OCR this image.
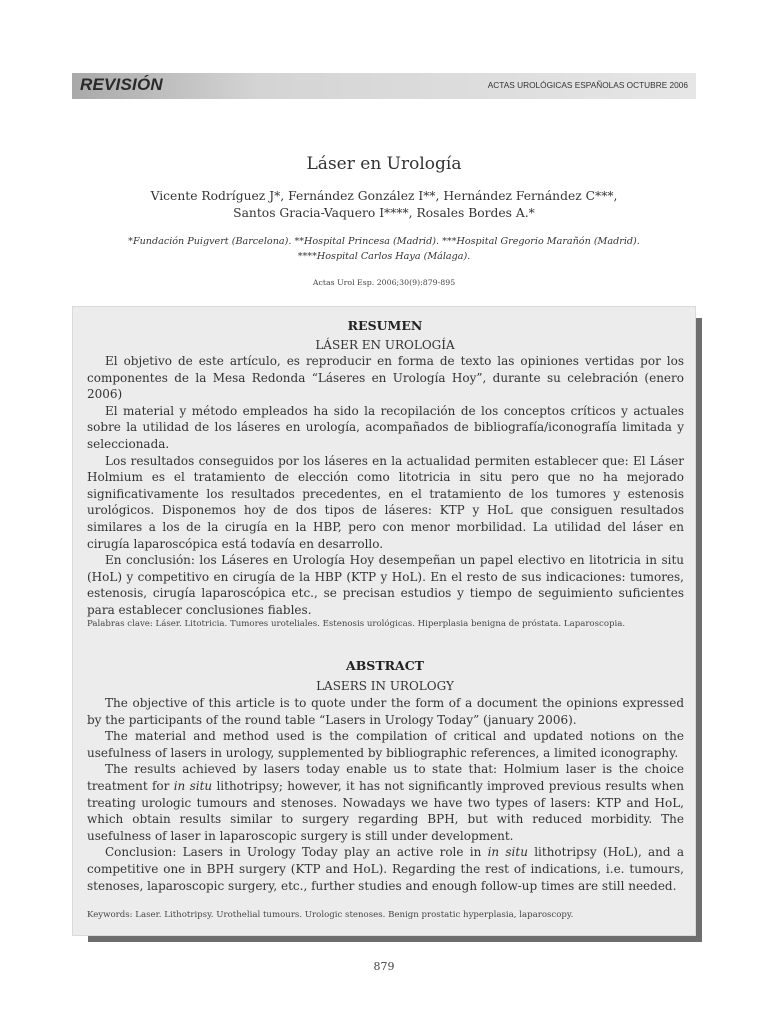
REVISIÓN	ACTAS UROLÓGICAS ESPAÑOLAS OCTUBRE 2006
Láser en Urología
Vicente Rodríguez J*, Fernández González I**, Hernández Fernández C***,
Santos Gracia-Vaquero I****, Rosales Bordes A.*
*Fundación Puigvert (Barcelona). **Hospital Princesa (Madrid). ***Hospital Gregorio Marañón (Madrid).
****Hospital Carlos Haya (Málaga).
Actas Urol Esp. 2006;30(9):879-895
RESUMEN
LÁSER EN UROLOGÍA

El objetivo de este artículo, es reproducir en forma de texto las opiniones vertidas por los componentes de la Mesa Redonda “Láseres en Urología Hoy”, durante su celebración (enero 2006)

El material y método empleados ha sido la recopilación de los conceptos críticos y actuales sobre la utilidad de los láseres en urología, acompañados de bibliografía/iconografía limitada y seleccionada.

Los resultados conseguidos por los láseres en la actualidad permiten establecer que: El Láser Holmium es el tratamiento de elección como litotricia in situ pero que no ha mejorado significativamente los resultados precedentes, en el tratamiento de los tumores y estenosis urológicos. Disponemos hoy de dos tipos de láseres: KTP y HoL que consiguen resultados similares a los de la cirugía en la HBP, pero con menor morbilidad. La utilidad del láser en cirugía laparoscópica está todavía en desarrollo.

En conclusión: los Láseres en Urología Hoy desempeñan un papel electivo en litotricia in situ (HoL) y competitivo en cirugía de la HBP (KTP y HoL). En el resto de sus indicaciones: tumores, estenosis, cirugía laparoscópica etc., se precisan estudios y tiempo de seguimiento suficientes para establecer conclusiones fiables.

Palabras clave: Láser. Litotricia. Tumores uroteliales. Estenosis urológicas. Hiperplasia benigna de próstata. Laparoscopia.
ABSTRACT
LASERS IN UROLOGY

The objective of this article is to quote under the form of a document the opinions expressed by the participants of the round table “Lasers in Urology Today” (january 2006).

The material and method used is the compilation of critical and updated notions on the usefulness of lasers in urology, supplemented by bibliographic references, a limited iconography.

The results achieved by lasers today enable us to state that: Holmium laser is the choice treatment for in situ lithotripsy; however, it has not significantly improved previous results when treating urologic tumours and stenoses. Nowadays we have two types of lasers: KTP and HoL, which obtain results similar to surgery regarding BPH, but with reduced morbidity. The usefulness of laser in laparoscopic surgery is still under development.

Conclusion: Lasers in Urology Today play an active role in in situ lithotripsy (HoL), and a competitive one in BPH surgery (KTP and HoL). Regarding the rest of indications, i.e. tumours, stenoses, laparoscopic surgery, etc., further studies and enough follow-up times are still needed.

Keywords: Laser. Lithotripsy. Urothelial tumours. Urologic stenoses. Benign prostatic hyperplasia, laparoscopy.
879
